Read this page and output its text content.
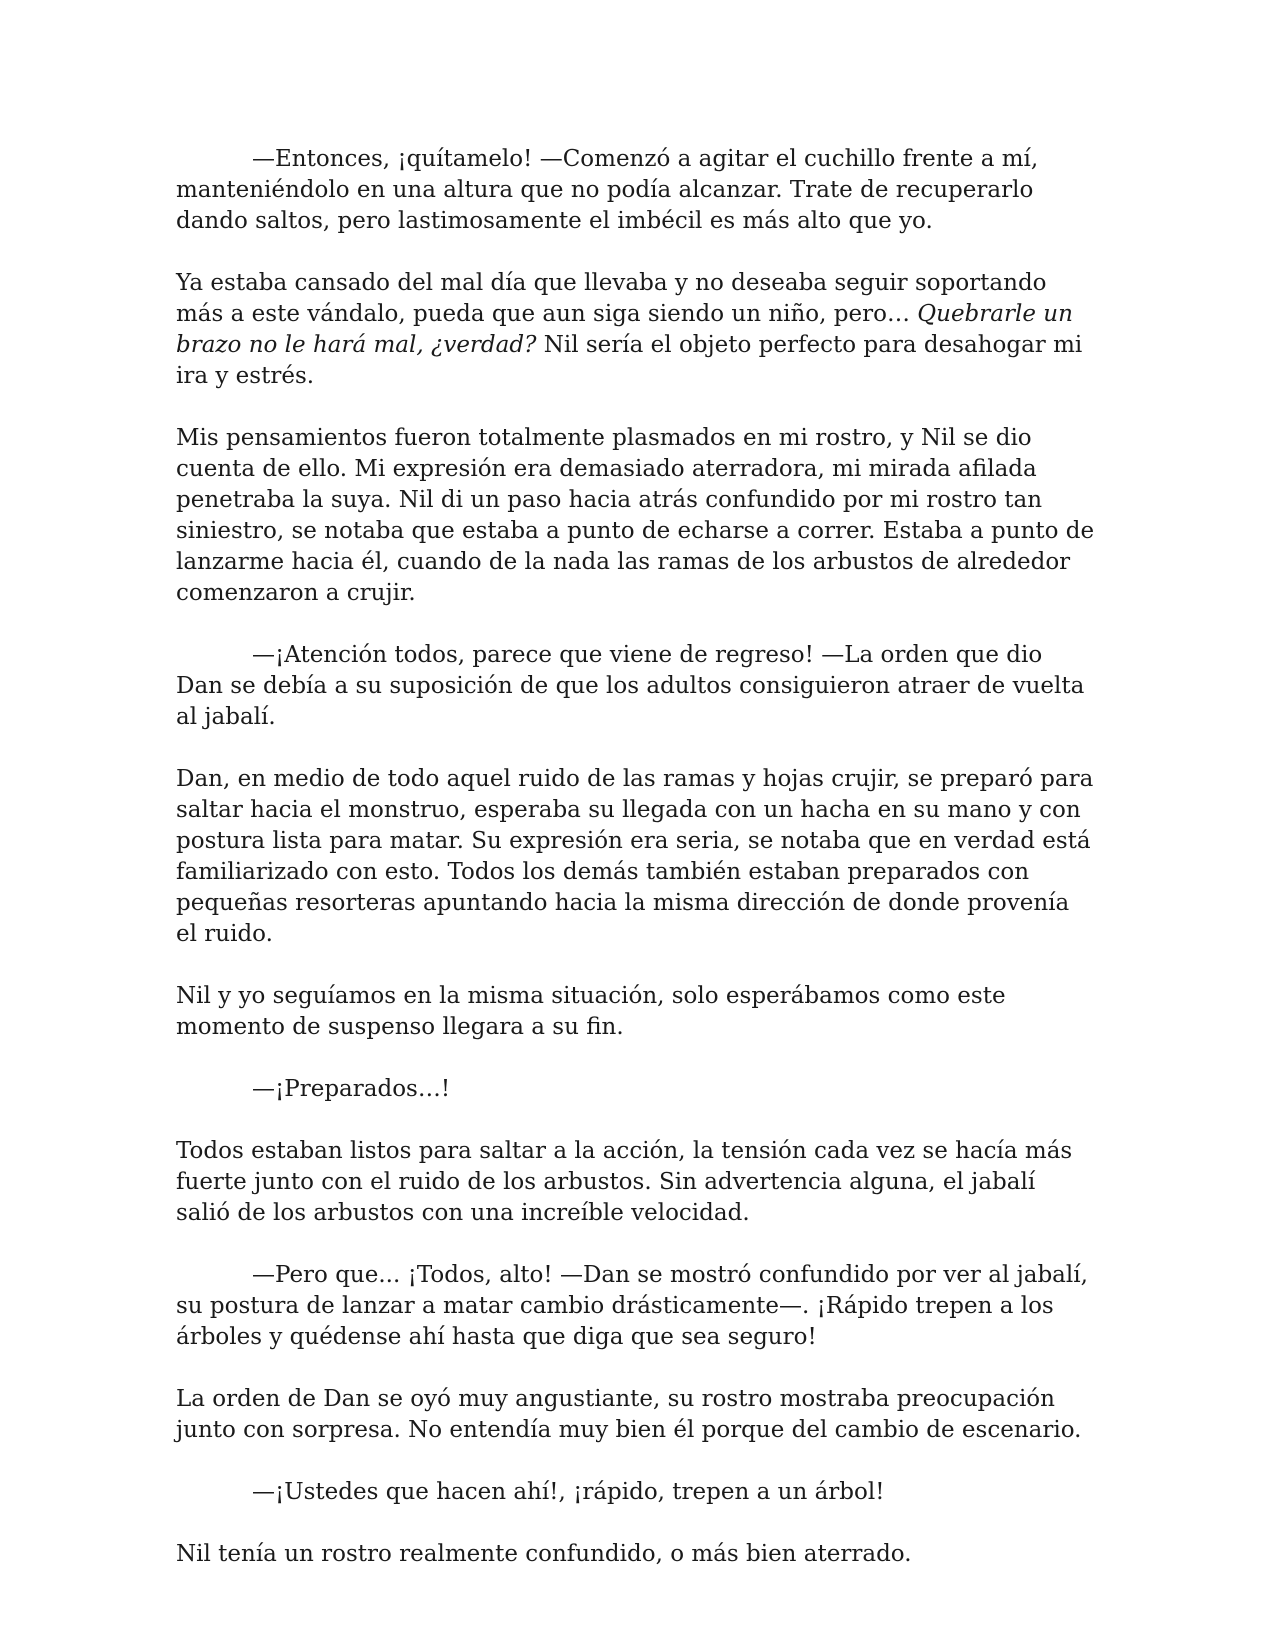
—Entonces, ¡quítamelo! —Comenzó a agitar el cuchillo frente a mí, manteniéndolo en una altura que no podía alcanzar. Trate de recuperarlo dando saltos, pero lastimosamente el imbécil es más alto que yo.

Ya estaba cansado del mal día que llevaba y no deseaba seguir soportando más a este vándalo, pueda que aun siga siendo un niño, pero… Quebrarle un brazo no le hará mal, ¿verdad? Nil sería el objeto perfecto para desahogar mi ira y estrés.

Mis pensamientos fueron totalmente plasmados en mi rostro, y Nil se dio cuenta de ello. Mi expresión era demasiado aterradora, mi mirada afilada penetraba la suya. Nil di un paso hacia atrás confundido por mi rostro tan siniestro, se notaba que estaba a punto de echarse a correr. Estaba a punto de lanzarme hacia él, cuando de la nada las ramas de los arbustos de alrededor comenzaron a crujir.

—¡Atención todos, parece que viene de regreso! —La orden que dio Dan se debía a su suposición de que los adultos consiguieron atraer de vuelta al jabalí.

Dan, en medio de todo aquel ruido de las ramas y hojas crujir, se preparó para saltar hacia el monstruo, esperaba su llegada con un hacha en su mano y con postura lista para matar. Su expresión era seria, se notaba que en verdad está familiarizado con esto. Todos los demás también estaban preparados con pequeñas resorteras apuntando hacia la misma dirección de donde provenía el ruido.

Nil y yo seguíamos en la misma situación, solo esperábamos como este momento de suspenso llegara a su fin.

—¡Preparados…!

Todos estaban listos para saltar a la acción, la tensión cada vez se hacía más fuerte junto con el ruido de los arbustos. Sin advertencia alguna, el jabalí salió de los arbustos con una increíble velocidad.

—Pero que... ¡Todos, alto! —Dan se mostró confundido por ver al jabalí, su postura de lanzar a matar cambio drásticamente—. ¡Rápido trepen a los árboles y quédense ahí hasta que diga que sea seguro!

La orden de Dan se oyó muy angustiante, su rostro mostraba preocupación junto con sorpresa. No entendía muy bien él porque del cambio de escenario.

—¡Ustedes que hacen ahí!, ¡rápido, trepen a un árbol!

Nil tenía un rostro realmente confundido, o más bien aterrado.
